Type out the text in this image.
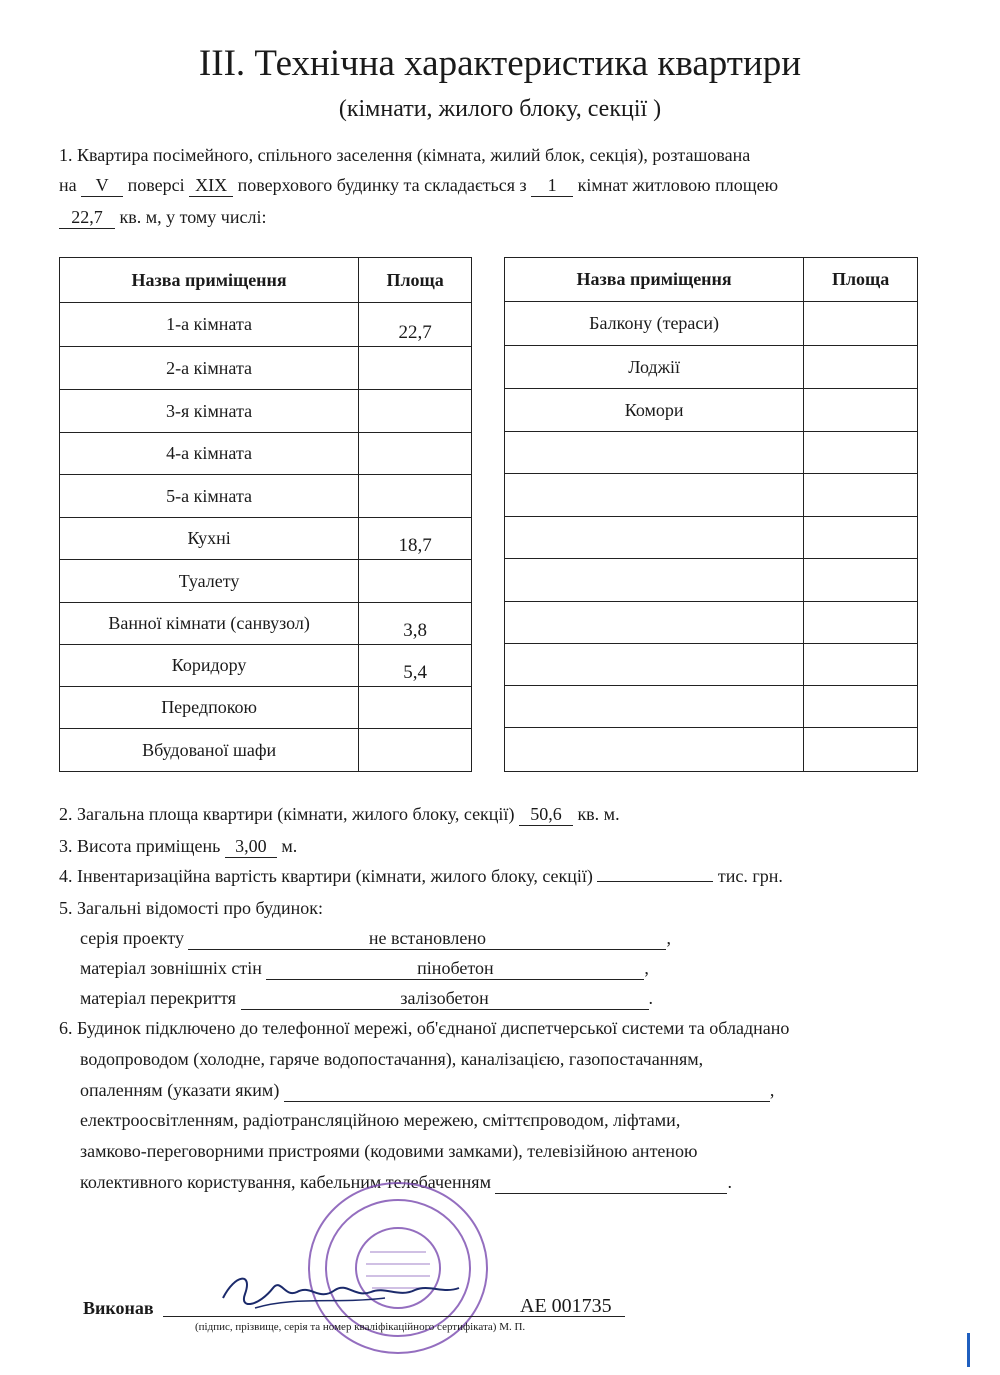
III. Технічна характеристика квартири
(кімнати, жилого блоку, секції )
1. Квартира посімейного, спільного заселення (кімната, жилий блок, секція), розташована
на V поверсі XIX поверхового будинку та складається з 1 кімнат житловою площею
22,7 кв. м, у тому числі:
Назва приміщення	Площа
1-а кімната	22,7
2-а кімната	
3-я кімната	
4-а кімната	
5-а кімната	
Кухні	18,7
Туалету	
Ванної кімнати (санвузол)	3,8
Коридору	5,4
Передпокою	
Вбудованої шафи	
Назва приміщення	Площа
Балкону (тераси)	
Лоджії	
Комори	

2. Загальна площа квартири (кімнати, жилого блоку, секції) 50,6 кв. м.
3. Висота приміщень 3,00 м.
4. Інвентаризаційна вартість квартири (кімнати, жилого блоку, секції)	тис. грн.
5. Загальні відомості про будинок:
серія проекту	не встановлено	,
матеріал зовнішніх стін	пінобетон	,
матеріал перекриття	залізобетон	.
6. Будинок підключено до телефонної мережі, об'єднаної диспетчерської системи та обладнано
водопроводом (холодне, гаряче водопостачання), каналізацією, газопостачанням,
опаленням (указати яким)	,
електроосвітленням, радіотрансляційною мережею, сміттєпроводом, ліфтами,
замково-переговорними пристроями (кодовими замками), телевізійною антеною
колективного користування, кабельним телебаченням	.
Виконав	АЕ 001735
(підпис, прізвище, серія та номер кваліфікаційного сертифіката) М. П.
